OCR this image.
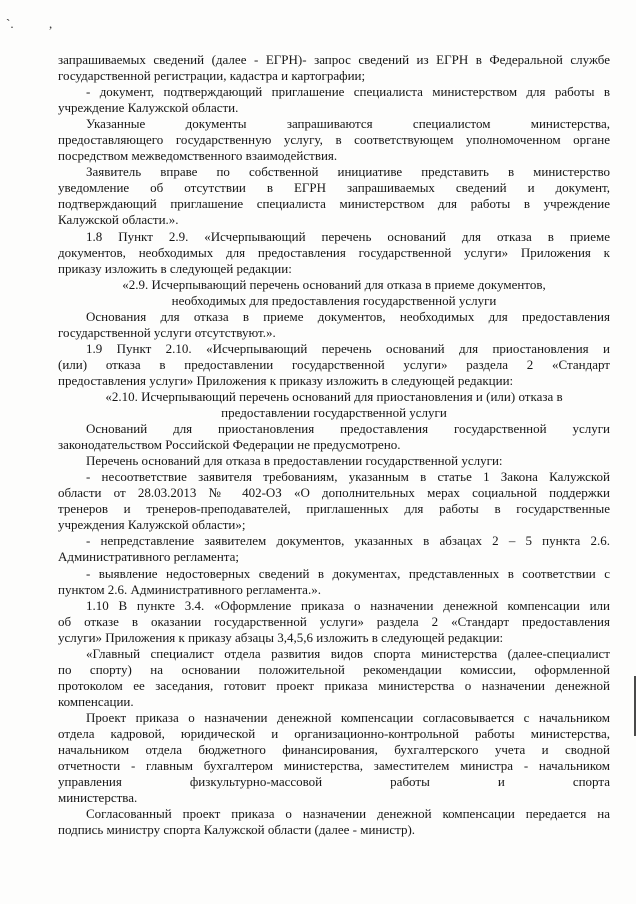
`.	,
запрашиваемых сведений (далее - ЕГРН)- запрос сведений из ЕГРН в Федеральной службе
государственной регистрации, кадастра и картографии;
- документ, подтверждающий приглашение специалиста министерством для работы в
учреждение Калужской области.
Указанные документы запрашиваются специалистом министерства,
предоставляющего государственную услугу, в соответствующем уполномоченном органе
посредством межведомственного взаимодействия.
Заявитель вправе по собственной инициативе представить в министерство
уведомление об отсутствии в ЕГРН запрашиваемых сведений и документ,
подтверждающий приглашение специалиста министерством для работы в учреждение
Калужской области.».
1.8 Пункт 2.9. «Исчерпывающий перечень оснований для отказа в приеме
документов, необходимых для предоставления государственной услуги» Приложения к
приказу изложить в следующей редакции:
«2.9. Исчерпывающий перечень оснований для отказа в приеме документов,
необходимых для предоставления государственной услуги
Основания для отказа в приеме документов, необходимых для предоставления
государственной услуги отсутствуют.».
1.9 Пункт 2.10. «Исчерпывающий перечень оснований для приостановления и
(или) отказа в предоставлении государственной услуги» раздела 2 «Стандарт
предоставления услуги» Приложения к приказу изложить в следующей редакции:
«2.10. Исчерпывающий перечень оснований для приостановления и (или) отказа в
предоставлении государственной услуги
Оснований для приостановления предоставления государственной услуги
законодательством Российской Федерации не предусмотрено.
Перечень оснований для отказа в предоставлении государственной услуги:
- несоответствие заявителя требованиям, указанным в статье 1 Закона Калужской
области от 28.03.2013 № 402-ОЗ «О дополнительных мерах социальной поддержки
тренеров и тренеров-преподавателей, приглашенных для работы в государственные
учреждения Калужской области»;
- непредставление заявителем документов, указанных в абзацах 2 – 5 пункта 2.6.
Административного регламента;
- выявление недостоверных сведений в документах, представленных в соответствии с
пунктом 2.6. Административного регламента.».
1.10 В пункте 3.4. «Оформление приказа о назначении денежной компенсации или
об отказе в оказании государственной услуги» раздела 2 «Стандарт предоставления
услуги» Приложения к приказу абзацы 3,4,5,6 изложить в следующей редакции:
«Главный специалист отдела развития видов спорта министерства (далее-специалист
по спорту) на основании положительной рекомендации комиссии, оформленной
протоколом ее заседания, готовит проект приказа министерства о назначении денежной
компенсации.
Проект приказа о назначении денежной компенсации согласовывается с начальником
отдела кадровой, юридической и организационно-контрольной работы министерства,
начальником отдела бюджетного финансирования, бухгалтерского учета и сводной
отчетности - главным бухгалтером министерства, заместителем министра - начальником
управления физкультурно-массовой работы и спорта
министерства.
Согласованный проект приказа о назначении денежной компенсации передается на
подпись министру спорта Калужской области (далее - министр).
